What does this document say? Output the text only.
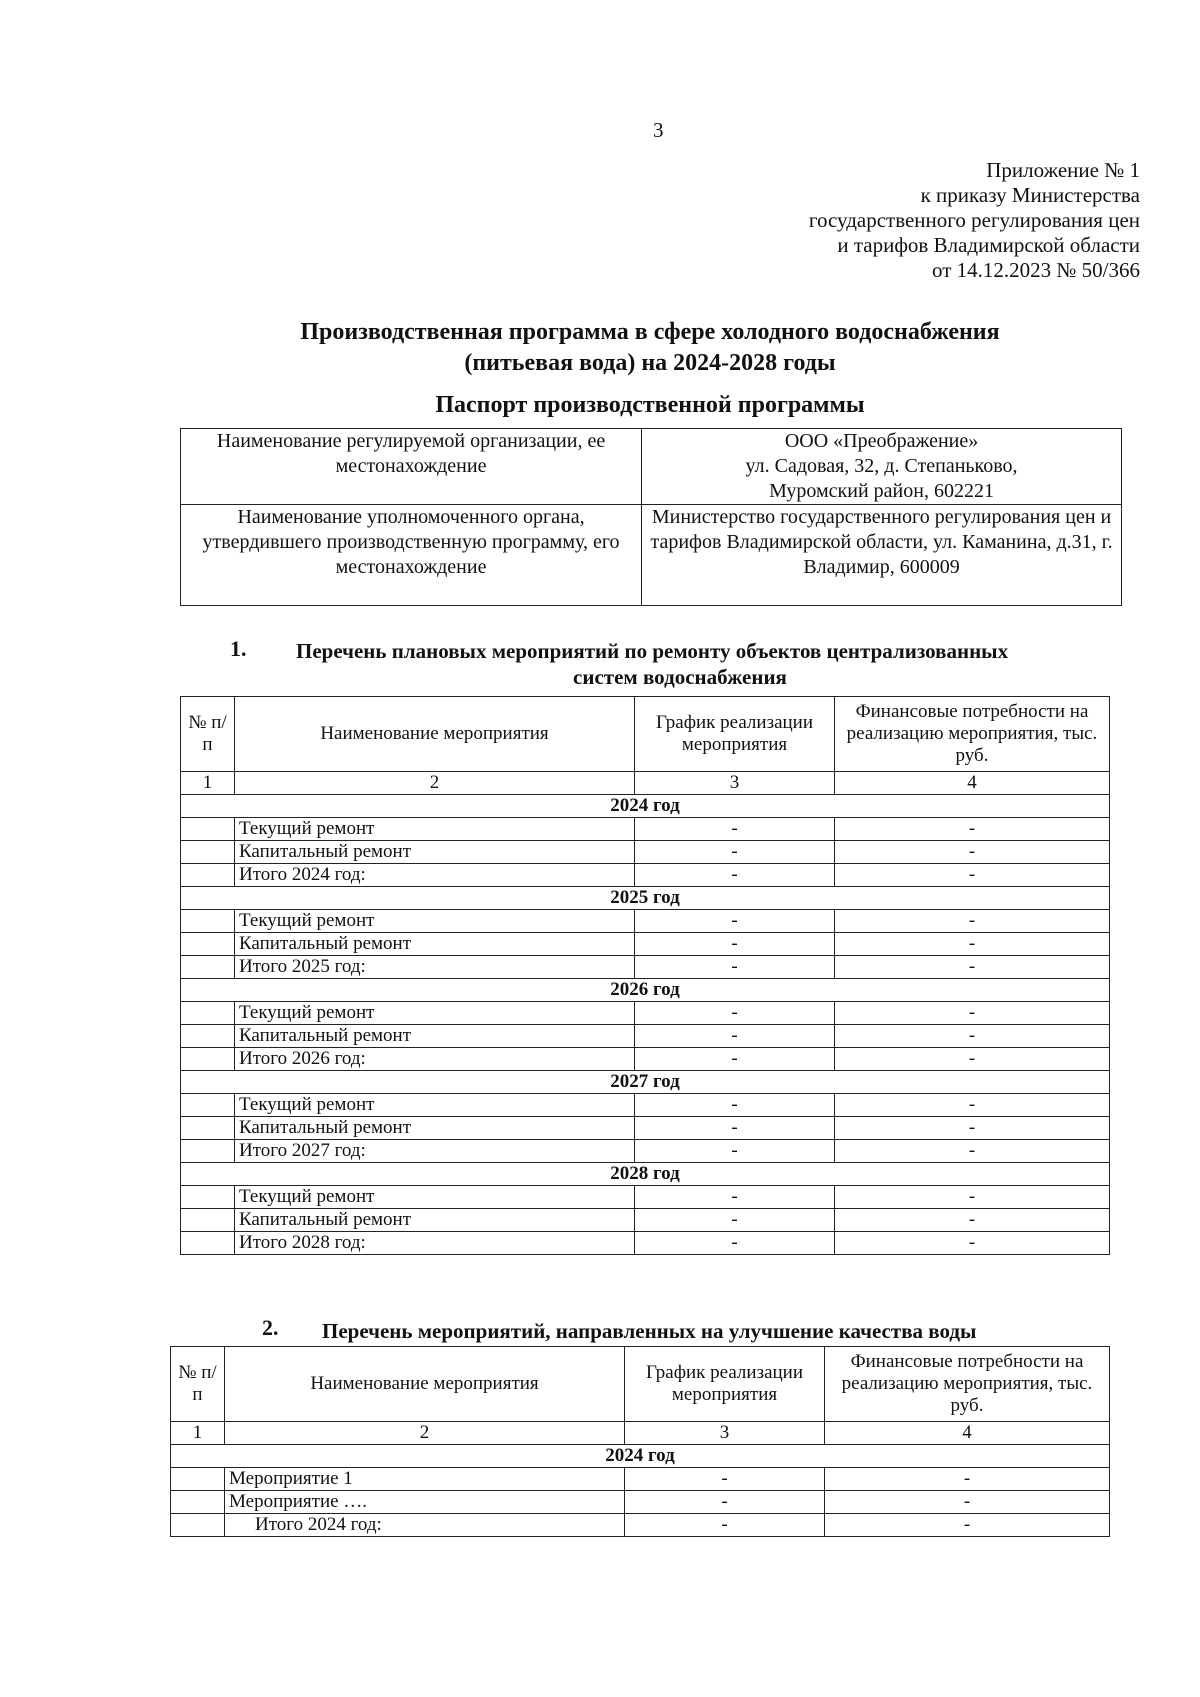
3
Приложение № 1
к приказу Министерства
государственного регулирования цен
и тарифов Владимирской области
от 14.12.2023 № 50/366
Производственная программа в сфере холодного водоснабжения
(питьевая вода) на 2024-2028 годы
Паспорт производственной программы
Наименование регулируемой организации, ее местонахождение	ООО «Преображение»
ул. Садовая, 32, д. Степаньково,
Муромский район, 602221

Наименование уполномоченного органа, утвердившего производственную программу, его местонахождение	Министерство государственного регулирования цен и тарифов Владимирской области, ул. Каманина, д.31, г. Владимир, 600009
1.	Перечень плановых мероприятий по ремонту объектов централизованных
систем водоснабжения
№ п/п	Наименование мероприятия	График реализации мероприятия	Финансовые потребности на реализацию мероприятия, тыс. руб.
1	2	3	4
2024 год			
	Текущий ремонт	-	-
	Капитальный ремонт	-	-
	Итого 2024 год:	-	-
2025 год			
	Текущий ремонт	-	-
	Капитальный ремонт	-	-
	Итого 2025 год:	-	-
2026 год			
	Текущий ремонт	-	-
	Капитальный ремонт	-	-
	Итого 2026 год:	-	-
2027 год			
	Текущий ремонт	-	-
	Капитальный ремонт	-	-
	Итого 2027 год:	-	-
2028 год			
	Текущий ремонт	-	-
	Капитальный ремонт	-	-
	Итого 2028 год:	-	-
2.	Перечень мероприятий, направленных на улучшение качества воды
№ п/п	Наименование мероприятия	График реализации мероприятия	Финансовые потребности на реализацию мероприятия, тыс. руб.
1	2	3	4
2024 год			
	Мероприятие 1	-	-
	Мероприятие ….	-	-
	Итого 2024 год:	-	-
